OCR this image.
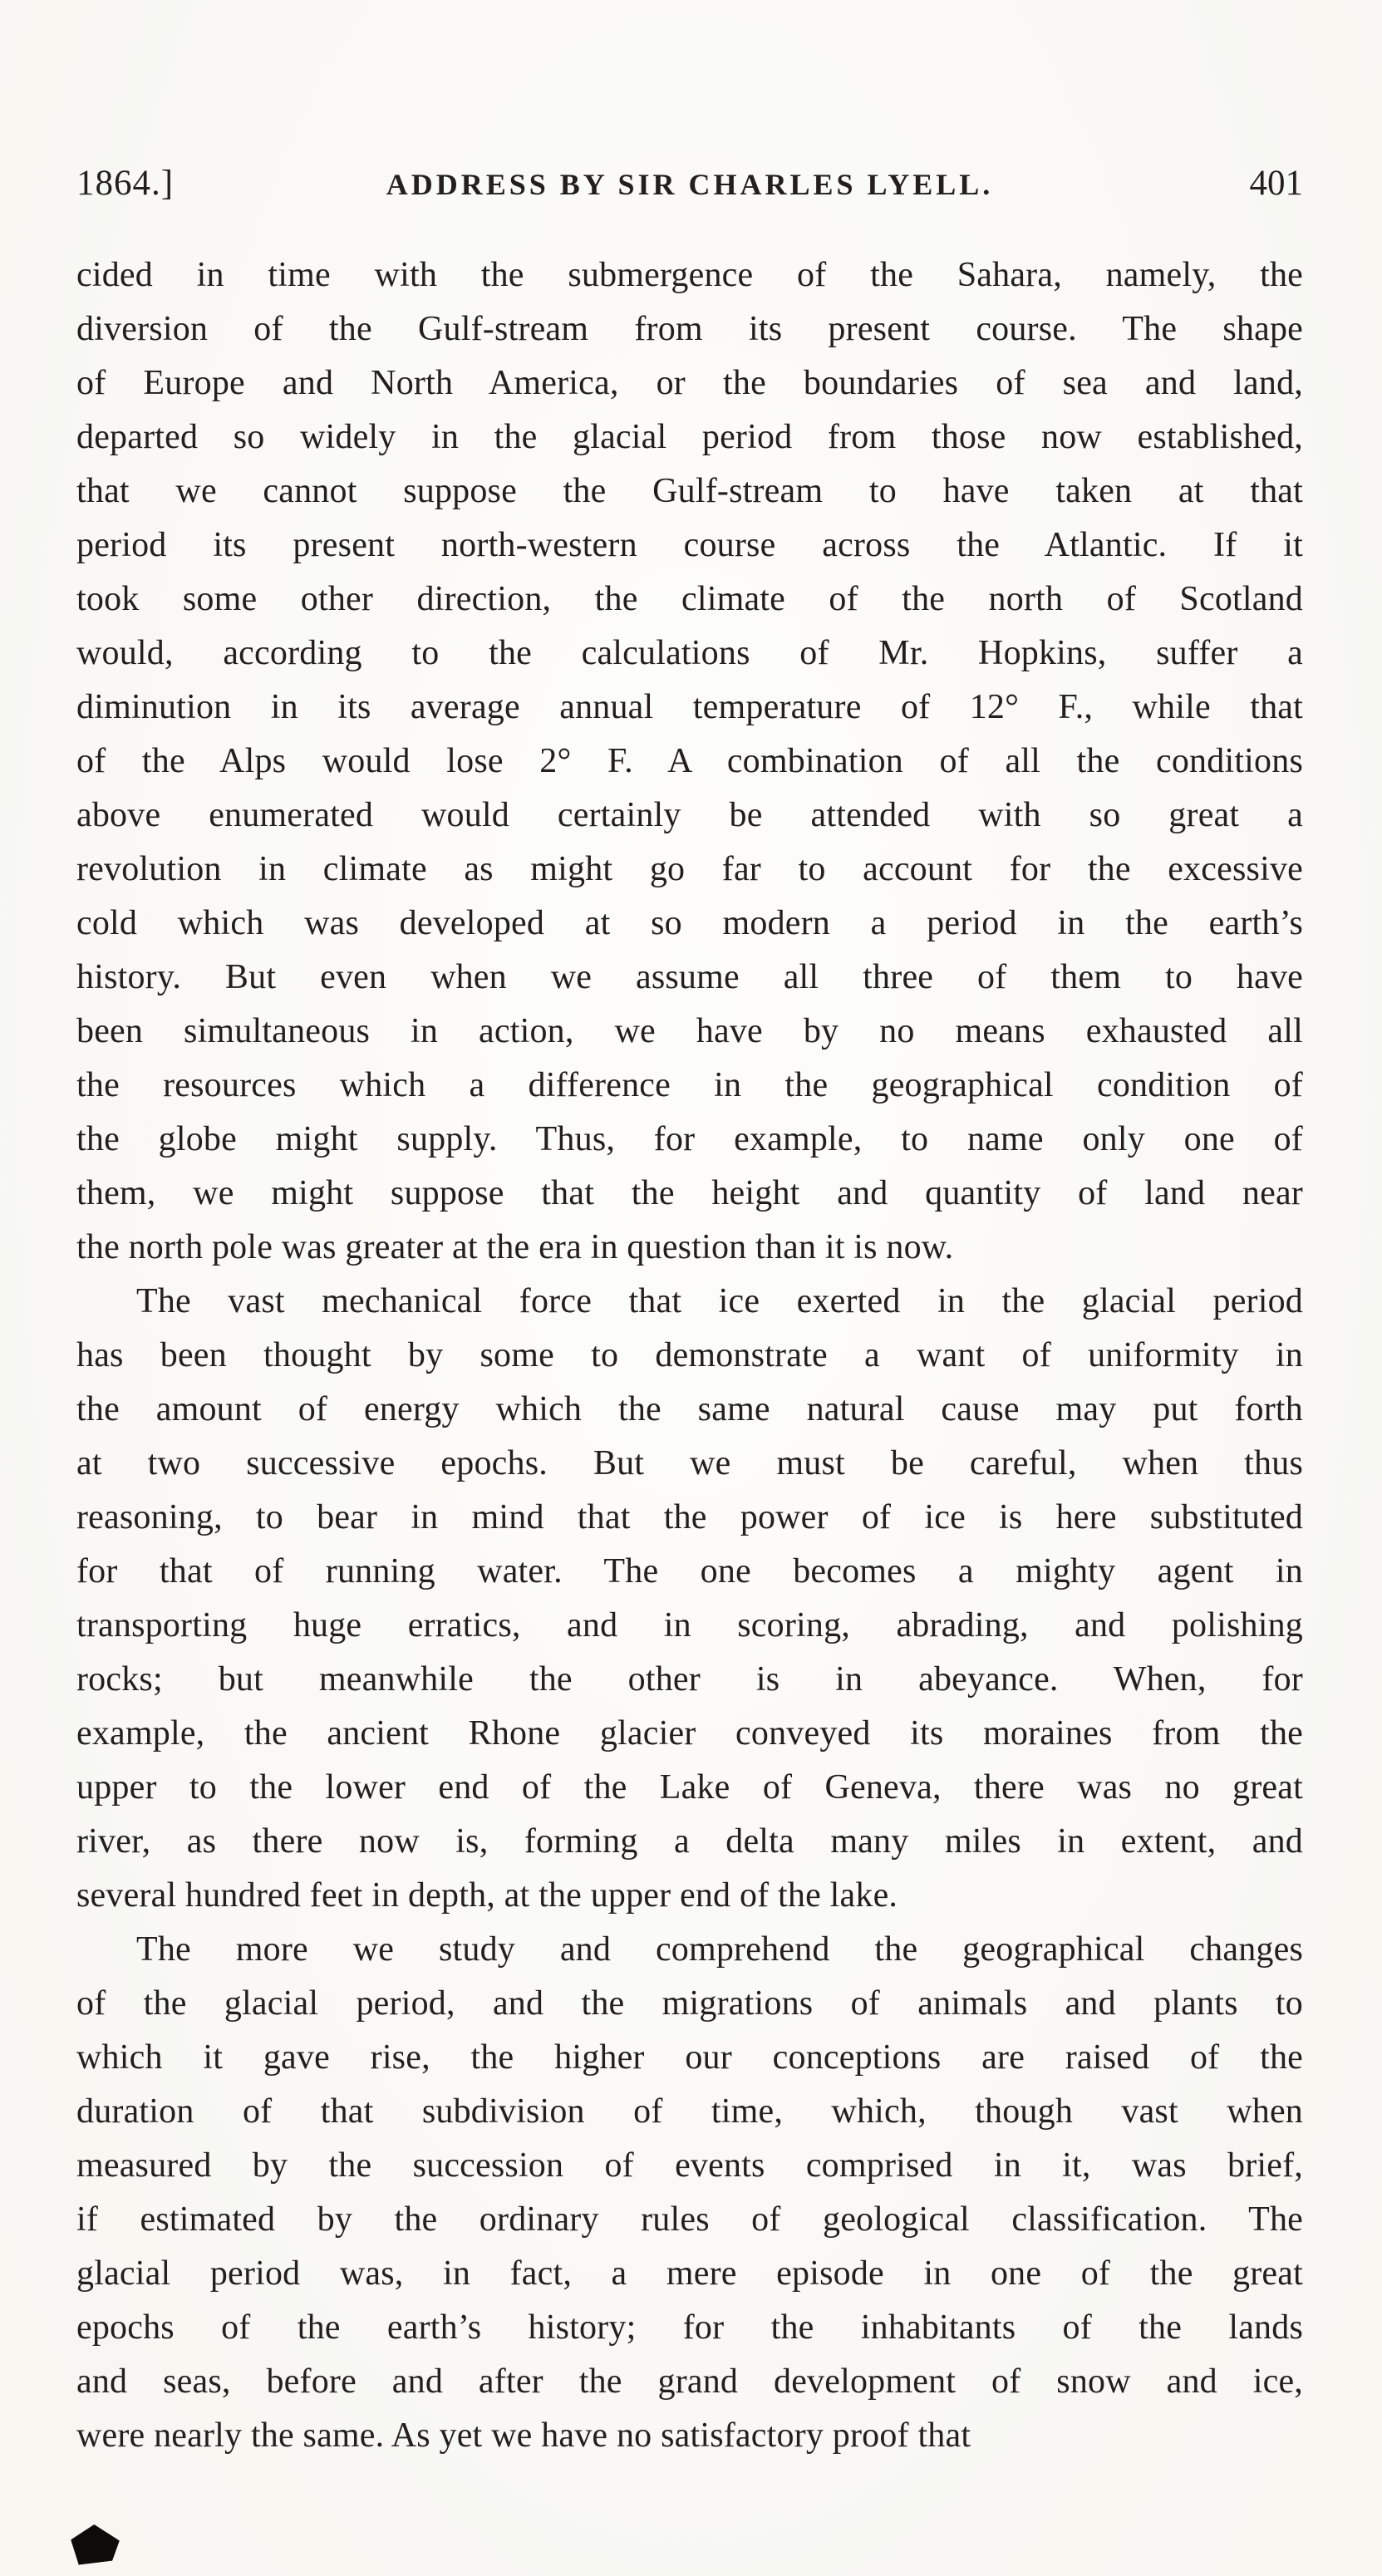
1864.]	ADDRESS BY SIR CHARLES LYELL.	401
cided in time with the submergence of the Sahara, namely, the
diversion of the Gulf-stream from its present course. The shape
of Europe and North America, or the boundaries of sea and land,
departed so widely in the glacial period from those now established,
that we cannot suppose the Gulf-stream to have taken at that
period its present north-western course across the Atlantic. If it
took some other direction, the climate of the north of Scotland
would, according to the calculations of Mr. Hopkins, suffer a
diminution in its average annual temperature of 12° F., while that
of the Alps would lose 2° F. A combination of all the conditions
above enumerated would certainly be attended with so great a
revolution in climate as might go far to account for the excessive
cold which was developed at so modern a period in the earth’s
history. But even when we assume all three of them to have
been simultaneous in action, we have by no means exhausted all
the resources which a difference in the geographical condition of
the globe might supply. Thus, for example, to name only one of
them, we might suppose that the height and quantity of land near
the north pole was greater at the era in question than it is now.
The vast mechanical force that ice exerted in the glacial period
has been thought by some to demonstrate a want of uniformity in
the amount of energy which the same natural cause may put forth
at two successive epochs. But we must be careful, when thus
reasoning, to bear in mind that the power of ice is here substituted
for that of running water. The one becomes a mighty agent in
transporting huge erratics, and in scoring, abrading, and polishing
rocks; but meanwhile the other is in abeyance. When, for
example, the ancient Rhone glacier conveyed its moraines from the
upper to the lower end of the Lake of Geneva, there was no great
river, as there now is, forming a delta many miles in extent, and
several hundred feet in depth, at the upper end of the lake.
The more we study and comprehend the geographical changes
of the glacial period, and the migrations of animals and plants to
which it gave rise, the higher our conceptions are raised of the
duration of that subdivision of time, which, though vast when
measured by the succession of events comprised in it, was brief,
if estimated by the ordinary rules of geological classification. The
glacial period was, in fact, a mere episode in one of the great
epochs of the earth’s history; for the inhabitants of the lands
and seas, before and after the grand development of snow and ice,
were nearly the same. As yet we have no satisfactory proof that
